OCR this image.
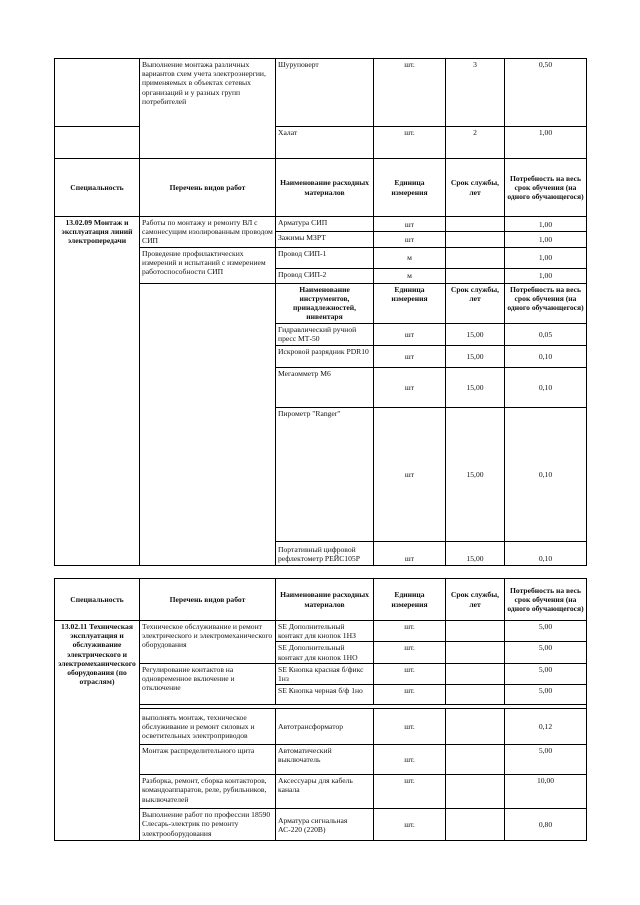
	Выполнение монтажа различных вариантов схем учета электроэнергии, применяемых в объектах сетевых организаций и у разных групп потребителей	Шуруповерт	шт.	3	0,50
		Халат	шт.	2	1,00
Специальность	Перечень видов работ	Наименование расходных материалов	Единица измерения	Срок службы, лет	Потребность на весь срок обучения (на одного обучающегося)
13.02.09 Монтаж и эксплуатация линий электропередачи	Работы по монтажу и ремонту ВЛ с самонесущим изолированным проводом СИП	Арматура СИП	шт		1,00
		Зажимы МЗРТ	шт		1,00
	Проведение профилактических измерений и испытаний с измерением работоспособности СИП	Провод СИП-1	м		1,00
		Провод СИП-2	м		1,00
		Наименование инструментов, принадлежностей, инвентаря	Единица измерения	Срок службы, лет	Потребность на весь срок обучения (на одного обучающегося)
		Гидравлический ручной пресс МТ-50	шт	15,00	0,05
		Искровой разрядник PDR10	шт	15,00	0,10
		Мегаомметр М6	шт	15,00	0,10
		Пирометр "Ranger"	шт	15,00	0,10
		Портативный цифровой рефлектометр РЕЙС105Р	шт	15,00	0,10
Специальность	Перечень видов работ	Наименование расходных материалов	Единица измерения	Срок службы, лет	Потребность на весь срок обучения (на одного обучающегося)
13.02.11 Техническая эксплуатация и обслуживание электрического и электромеханического оборудования (по отраслям)	Техническое обслуживание и ремонт электрического и электромеханического оборудования	SE Дополнительный контакт для кнопок 1НЗ	шт.		5,00
		SE Дополнительный контакт для кнопок 1НО	шт.		5,00
	Регулирование контактов на одновременное включение и отключение	SE Кнопка красная б/фикс 1нз	шт.		5,00
		SE Кнопка черная б/ф 1но	шт.		5,00

	выполнять монтаж, техническое обслуживание и ремонт силовых и осветительных электроприводов	Автотрансформатор	шт.		0,12
	Монтаж распределительного щита	Автоматический выключатель	шт.		5,00
	Разборка, ремонт, сборка контакторов, командоаппаратов, реле, рубильников, выключателей	Аксессуары для кабель канала	шт.		10,00
	Выполнение работ по профессии 18590 Слесарь-электрик по ремонту электрооборудования	Арматура сигнальная АС-220 (220В)	шт.		0,80
